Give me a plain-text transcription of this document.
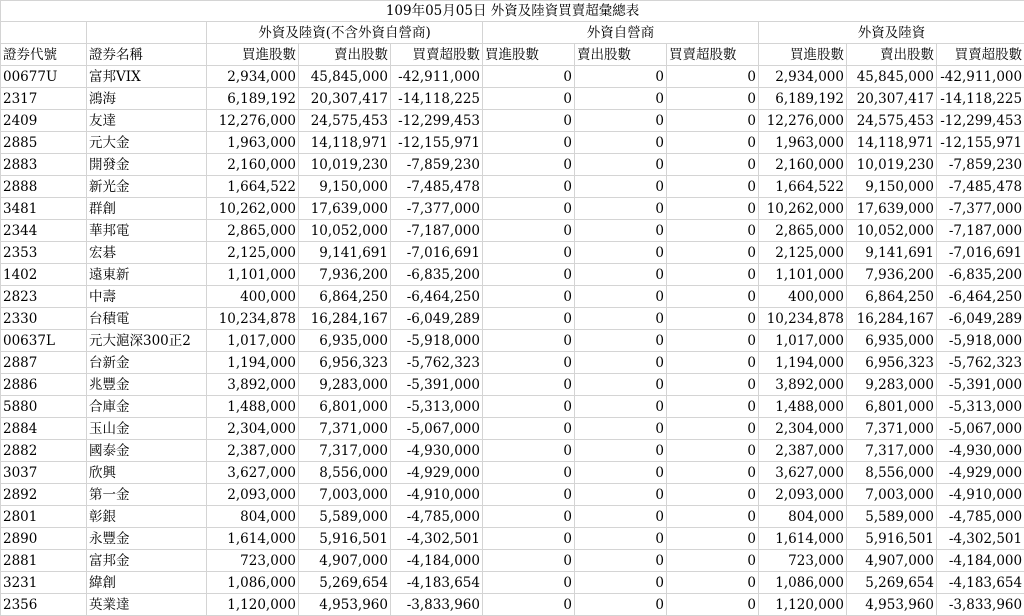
109年05月05日 外資及陸資買賣超彙總表										
		外資及陸資(不含外資自營商)			外資自營商			外資及陸資		
證券代號	證券名稱	買進股數	賣出股數	買賣超股數	買進股數	賣出股數	買賣超股數	買進股數	賣出股數	買賣超股數
00677U	富邦VIX	2,934,000	45,845,000	-42,911,000	0	0	0	2,934,000	45,845,000	-42,911,000
2317	鴻海	6,189,192	20,307,417	-14,118,225	0	0	0	6,189,192	20,307,417	-14,118,225
2409	友達	12,276,000	24,575,453	-12,299,453	0	0	0	12,276,000	24,575,453	-12,299,453
2885	元大金	1,963,000	14,118,971	-12,155,971	0	0	0	1,963,000	14,118,971	-12,155,971
2883	開發金	2,160,000	10,019,230	-7,859,230	0	0	0	2,160,000	10,019,230	-7,859,230
2888	新光金	1,664,522	9,150,000	-7,485,478	0	0	0	1,664,522	9,150,000	-7,485,478
3481	群創	10,262,000	17,639,000	-7,377,000	0	0	0	10,262,000	17,639,000	-7,377,000
2344	華邦電	2,865,000	10,052,000	-7,187,000	0	0	0	2,865,000	10,052,000	-7,187,000
2353	宏碁	2,125,000	9,141,691	-7,016,691	0	0	0	2,125,000	9,141,691	-7,016,691
1402	遠東新	1,101,000	7,936,200	-6,835,200	0	0	0	1,101,000	7,936,200	-6,835,200
2823	中壽	400,000	6,864,250	-6,464,250	0	0	0	400,000	6,864,250	-6,464,250
2330	台積電	10,234,878	16,284,167	-6,049,289	0	0	0	10,234,878	16,284,167	-6,049,289
00637L	元大滬深300正2	1,017,000	6,935,000	-5,918,000	0	0	0	1,017,000	6,935,000	-5,918,000
2887	台新金	1,194,000	6,956,323	-5,762,323	0	0	0	1,194,000	6,956,323	-5,762,323
2886	兆豐金	3,892,000	9,283,000	-5,391,000	0	0	0	3,892,000	9,283,000	-5,391,000
5880	合庫金	1,488,000	6,801,000	-5,313,000	0	0	0	1,488,000	6,801,000	-5,313,000
2884	玉山金	2,304,000	7,371,000	-5,067,000	0	0	0	2,304,000	7,371,000	-5,067,000
2882	國泰金	2,387,000	7,317,000	-4,930,000	0	0	0	2,387,000	7,317,000	-4,930,000
3037	欣興	3,627,000	8,556,000	-4,929,000	0	0	0	3,627,000	8,556,000	-4,929,000
2892	第一金	2,093,000	7,003,000	-4,910,000	0	0	0	2,093,000	7,003,000	-4,910,000
2801	彰銀	804,000	5,589,000	-4,785,000	0	0	0	804,000	5,589,000	-4,785,000
2890	永豐金	1,614,000	5,916,501	-4,302,501	0	0	0	1,614,000	5,916,501	-4,302,501
2881	富邦金	723,000	4,907,000	-4,184,000	0	0	0	723,000	4,907,000	-4,184,000
3231	緯創	1,086,000	5,269,654	-4,183,654	0	0	0	1,086,000	5,269,654	-4,183,654
2356	英業達	1,120,000	4,953,960	-3,833,960	0	0	0	1,120,000	4,953,960	-3,833,960
